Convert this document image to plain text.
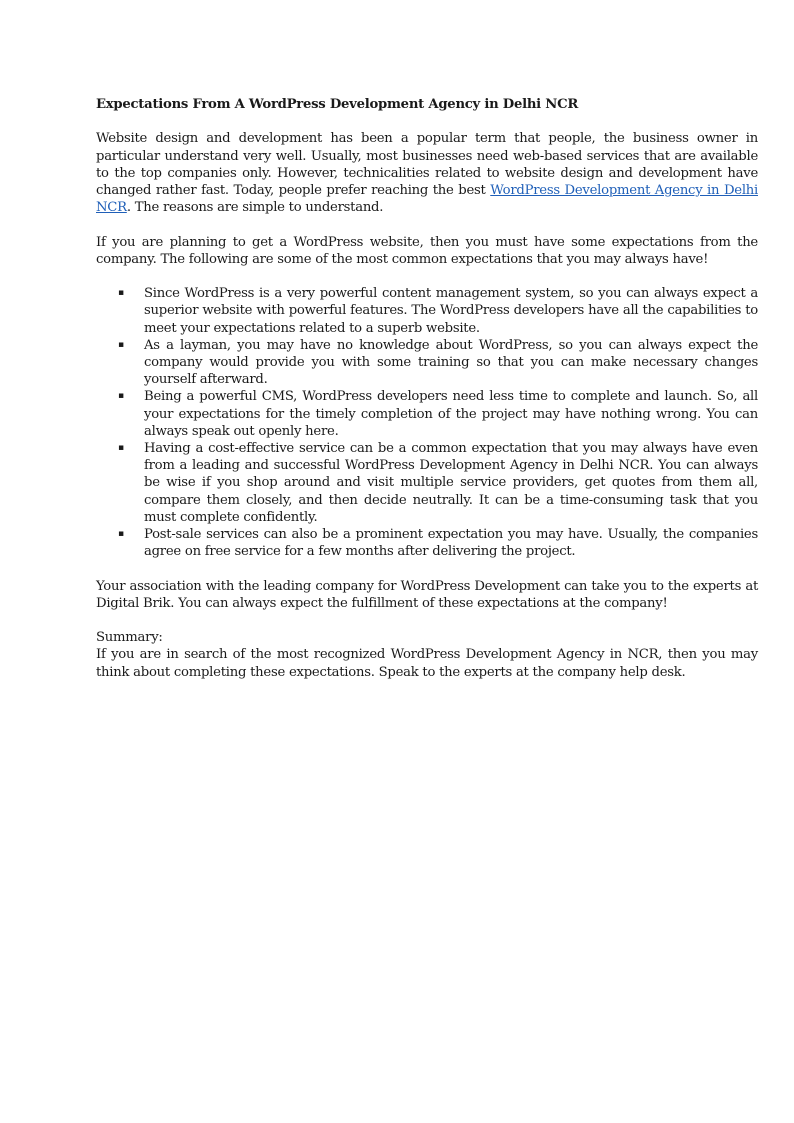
Expectations From A WordPress Development Agency in Delhi NCR

Website design and development has been a popular term that people, the business owner in particular understand very well. Usually, most businesses need web-based services that are available to the top companies only. However, technicalities related to website design and development have changed rather fast. Today, people prefer reaching the best WordPress Development Agency in Delhi NCR. The reasons are simple to understand.

If you are planning to get a WordPress website, then you must have some expectations from the company. The following are some of the most common expectations that you may always have!

▪ Since WordPress is a very powerful content management system, so you can always expect a superior website with powerful features. The WordPress developers have all the capabilities to meet your expectations related to a superb website.
▪ As a layman, you may have no knowledge about WordPress, so you can always expect the company would provide you with some training so that you can make necessary changes yourself afterward.
▪ Being a powerful CMS, WordPress developers need less time to complete and launch. So, all your expectations for the timely completion of the project may have nothing wrong. You can always speak out openly here.
▪ Having a cost-effective service can be a common expectation that you may always have even from a leading and successful WordPress Development Agency in Delhi NCR. You can always be wise if you shop around and visit multiple service providers, get quotes from them all, compare them closely, and then decide neutrally. It can be a time-consuming task that you must complete confidently.
▪ Post-sale services can also be a prominent expectation you may have. Usually, the companies agree on free service for a few months after delivering the project.

Your association with the leading company for WordPress Development can take you to the experts at Digital Brik. You can always expect the fulfillment of these expectations at the company!

Summary:

If you are in search of the most recognized WordPress Development Agency in NCR, then you may think about completing these expectations. Speak to the experts at the company help desk.
